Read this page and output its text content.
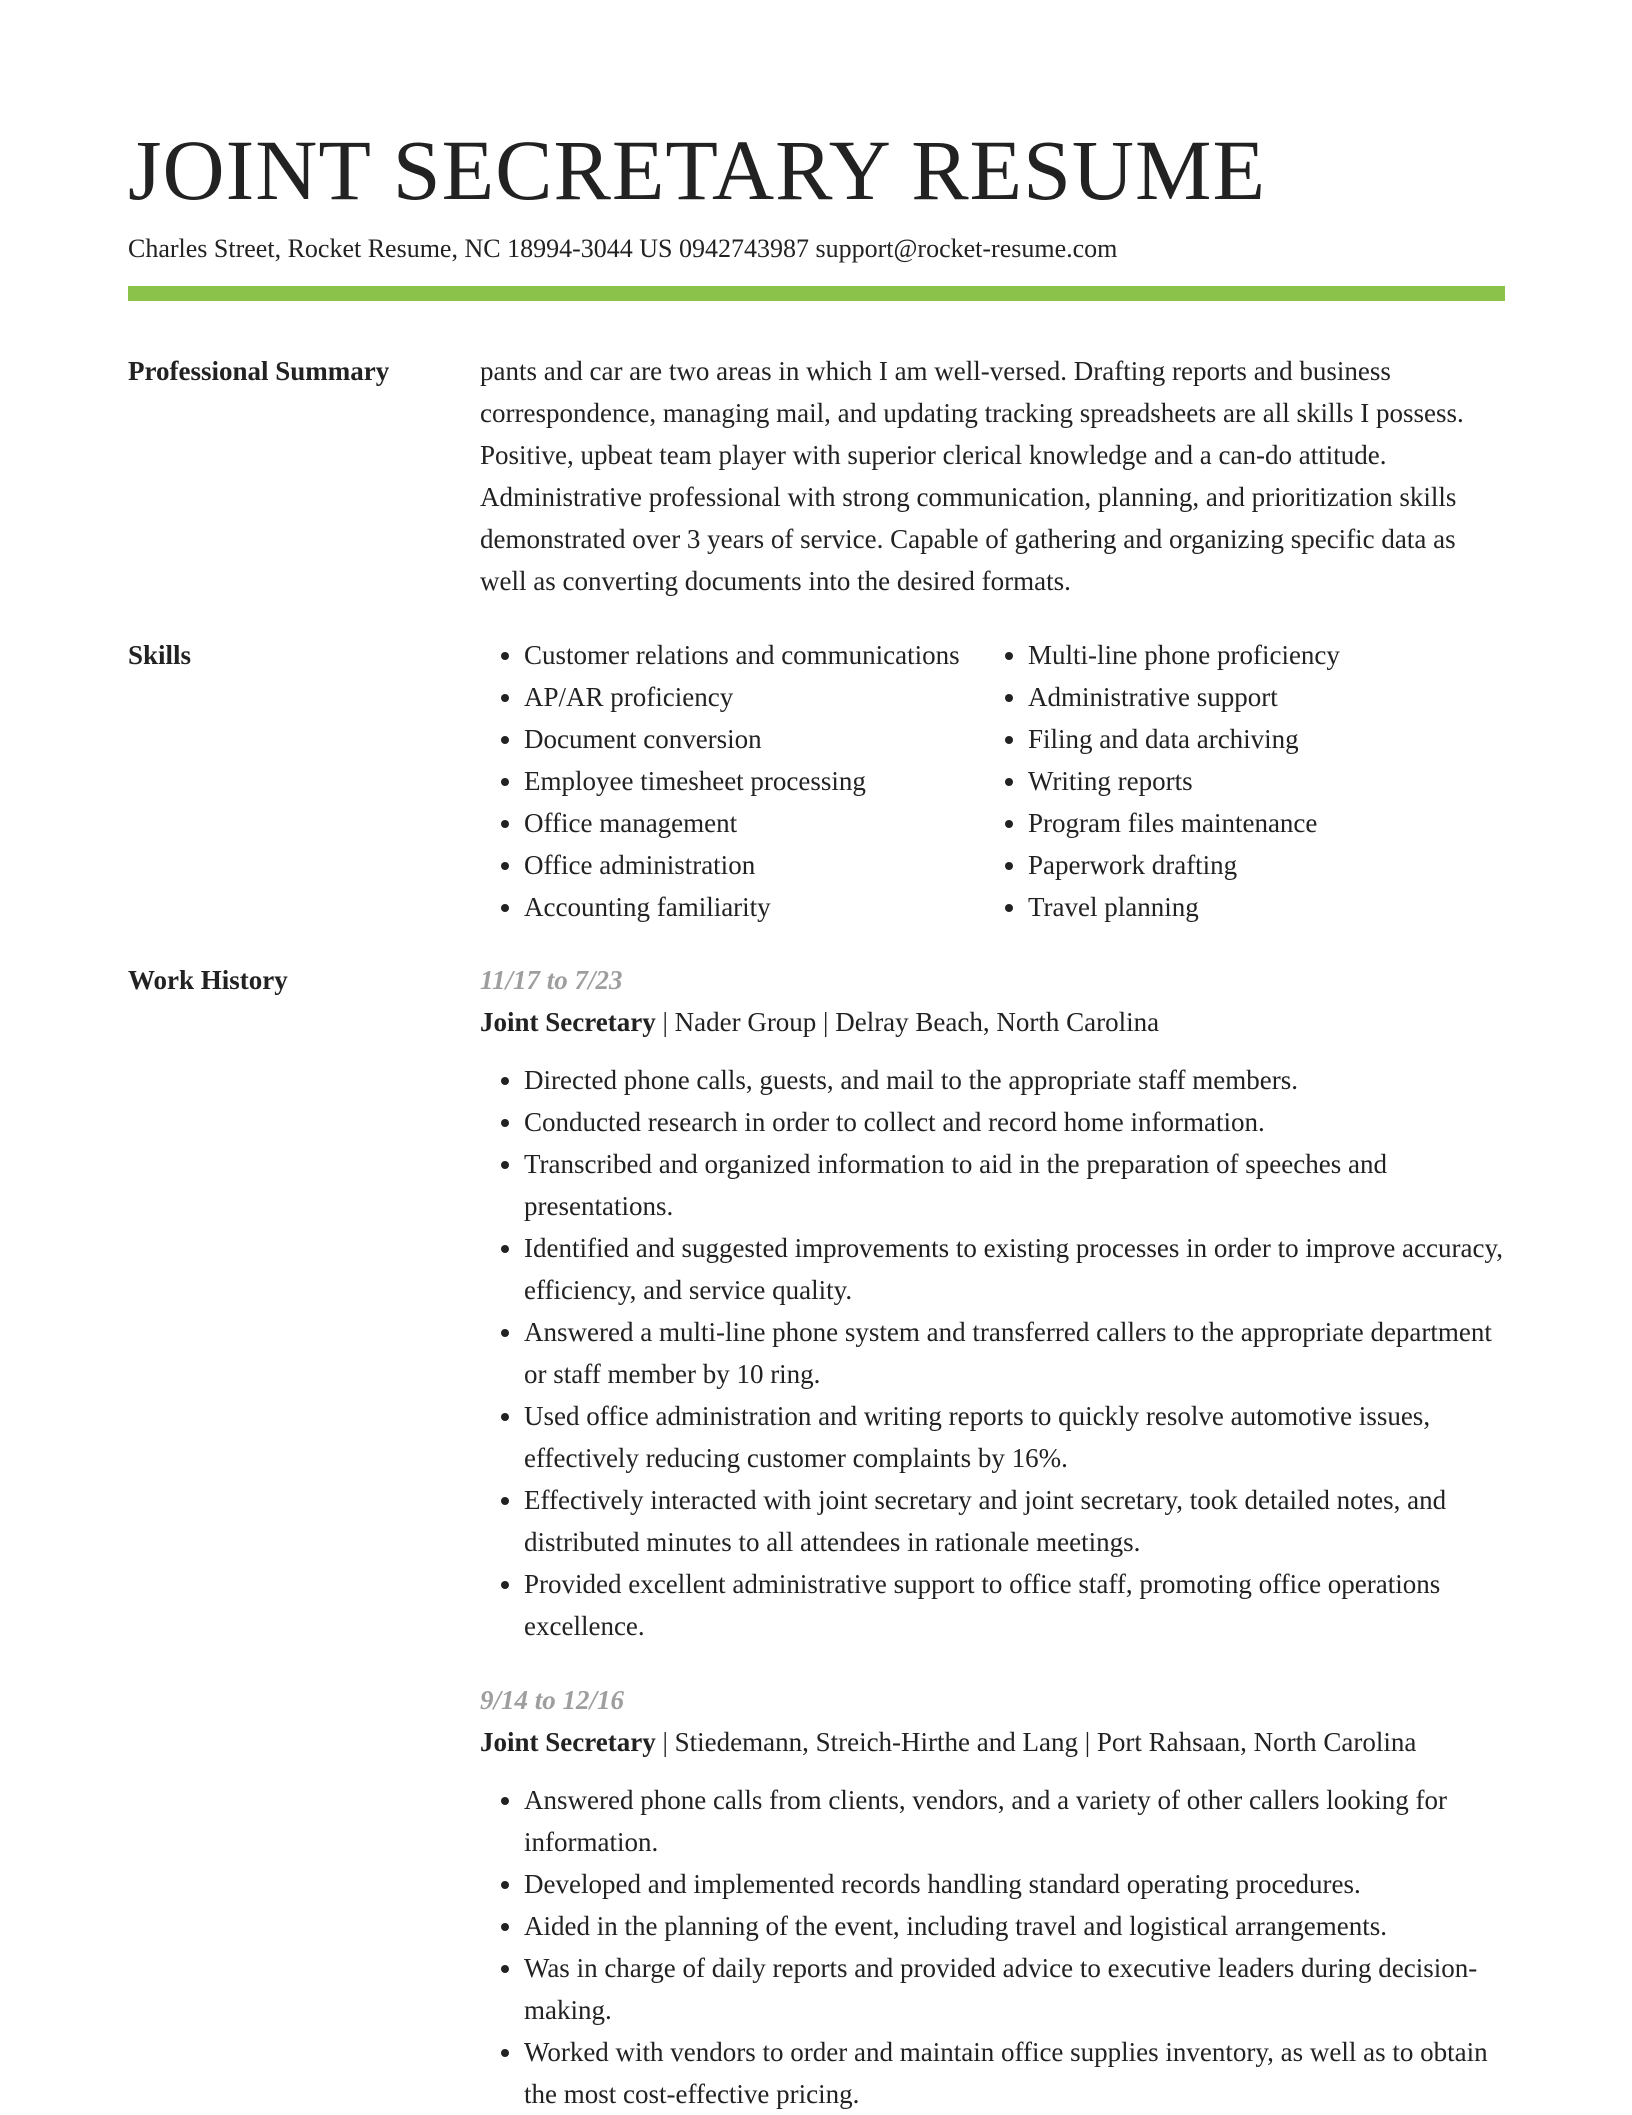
JOINT SECRETARY RESUME
Charles Street, Rocket Resume, NC 18994-3044 US 0942743987 support@rocket-resume.com
Professional Summary	pants and car are two areas in which I am well-versed. Drafting reports and business correspondence, managing mail, and updating tracking spreadsheets are all skills I possess. Positive, upbeat team player with superior clerical knowledge and a can-do attitude. Administrative professional with strong communication, planning, and prioritization skills demonstrated over 3 years of service. Capable of gathering and organizing specific data as well as converting documents into the desired formats.

Skills
•	Customer relations and communications
• AP/AR proficiency
• Document conversion
• Employee timesheet processing
• Office management
• Office administration
• Accounting familiarity
• Multi-line phone proficiency
• Administrative support
• Filing and data archiving
• Writing reports
• Program files maintenance
• Paperwork drafting
• Travel planning
Work History	11/17 to 7/23
Joint Secretary | Nader Group | Delray Beach, North Carolina
• Directed phone calls, guests, and mail to the appropriate staff members.
• Conducted research in order to collect and record home information.
• Transcribed and organized information to aid in the preparation of speeches and presentations.
• Identified and suggested improvements to existing processes in order to improve accuracy, efficiency, and service quality.
• Answered a multi-line phone system and transferred callers to the appropriate department or staff member by 10 ring.
• Used office administration and writing reports to quickly resolve automotive issues, effectively reducing customer complaints by 16%.
• Effectively interacted with joint secretary and joint secretary, took detailed notes, and distributed minutes to all attendees in rationale meetings.
• Provided excellent administrative support to office staff, promoting office operations excellence.
9/14 to 12/16
Joint Secretary | Stiedemann, Streich-Hirthe and Lang | Port Rahsaan, North Carolina
• Answered phone calls from clients, vendors, and a variety of other callers looking for information.
• Developed and implemented records handling standard operating procedures.
• Aided in the planning of the event, including travel and logistical arrangements.
• Was in charge of daily reports and provided advice to executive leaders during decision-making.
• Worked with vendors to order and maintain office supplies inventory, as well as to obtain the most cost-effective pricing.
